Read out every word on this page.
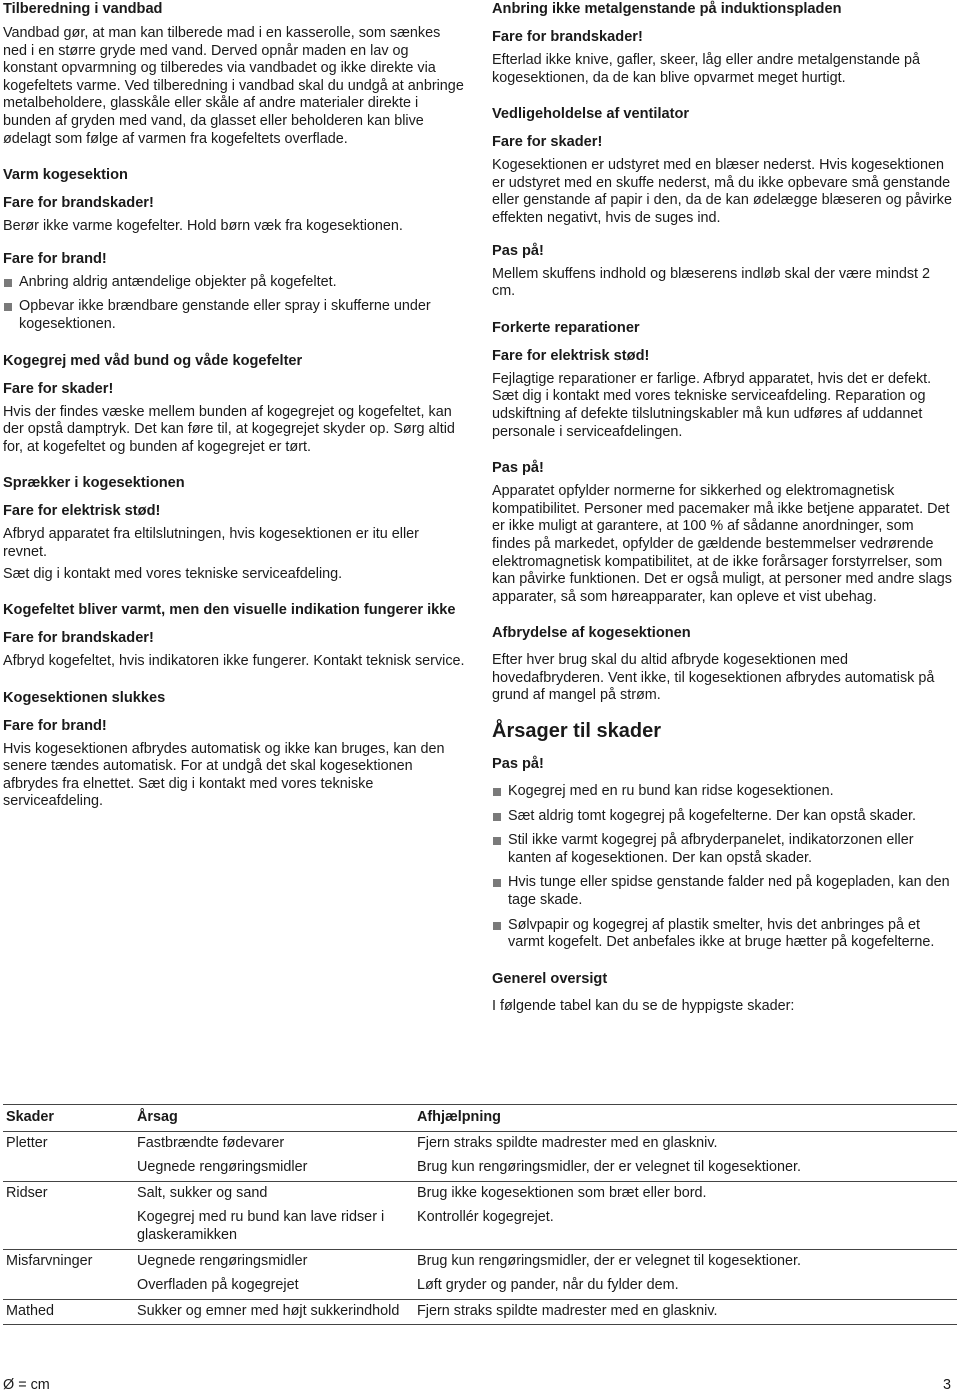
Tilberedning i vandbad

Vandbad gør, at man kan tilberede mad i en kasserolle, som sænkes ned i en større gryde med vand. Derved opnår maden en lav og konstant opvarmning og tilberedes via vandbadet og ikke direkte via kogefeltets varme. Ved tilberedning i vandbad skal du undgå at anbringe metalbeholdere, glasskåle eller skåle af andre materialer direkte i bunden af gryden med vand, da glasset eller beholderen kan blive ødelagt som følge af varmen fra kogefeltets overflade.

Varm kogesektion
Fare for brandskader!

Berør ikke varme kogefelter. Hold børn væk fra kogesektionen.

Fare for brand!
Anbring aldrig antændelige objekter på kogefeltet.
Opbevar ikke brændbare genstande eller spray i skufferne under kogesektionen.
Kogegrej med våd bund og våde kogefelter
Fare for skader!

Hvis der findes væske mellem bunden af kogegrejet og kogefeltet, kan der opstå damptryk. Det kan føre til, at kogegrejet skyder op. Sørg altid for, at kogefeltet og bunden af kogegrejet er tørt.

Sprækker i kogesektionen
Fare for elektrisk stød!

Afbryd apparatet fra eltilslutningen, hvis kogesektionen er itu eller revnet.

Sæt dig i kontakt med vores tekniske serviceafdeling.

Kogefeltet bliver varmt, men den visuelle indikation fungerer ikke
Fare for brandskader!

Afbryd kogefeltet, hvis indikatoren ikke fungerer. Kontakt teknisk service.

Kogesektionen slukkes
Fare for brand!

Hvis kogesektionen afbrydes automatisk og ikke kan bruges, kan den senere tændes automatisk. For at undgå det skal kogesektionen afbrydes fra elnettet. Sæt dig i kontakt med vores tekniske serviceafdeling.

Anbring ikke metalgenstande på induktionspladen
Fare for brandskader!

Efterlad ikke knive, gafler, skeer, låg eller andre metalgenstande på kogesektionen, da de kan blive opvarmet meget hurtigt.

Vedligeholdelse af ventilator
Fare for skader!

Kogesektionen er udstyret med en blæser nederst. Hvis kogesektionen er udstyret med en skuffe nederst, må du ikke opbevare små genstande eller genstande af papir i den, da de kan ødelægge blæseren og påvirke effekten negativt, hvis de suges ind.

Pas på!

Mellem skuffens indhold og blæserens indløb skal der være mindst 2 cm.

Forkerte reparationer
Fare for elektrisk stød!

Fejlagtige reparationer er farlige. Afbryd apparatet, hvis det er defekt. Sæt dig i kontakt med vores tekniske serviceafdeling. Reparation og udskiftning af defekte tilslutningskabler må kun udføres af uddannet personale i serviceafdelingen.

Pas på!

Apparatet opfylder normerne for sikkerhed og elektromagnetisk kompatibilitet. Personer med pacemaker må ikke betjene apparatet. Det er ikke muligt at garantere, at 100 % af sådanne anordninger, som findes på markedet, opfylder de gældende bestemmelser vedrørende elektromagnetisk kompatibilitet, at de ikke forårsager forstyrrelser, som kan påvirke funktionen. Det er også muligt, at personer med andre slags apparater, så som høreapparater, kan opleve et vist ubehag.

Afbrydelse af kogesektionen

Efter hver brug skal du altid afbryde kogesektionen med hovedafbryderen. Vent ikke, til kogesektionen afbrydes automatisk på grund af mangel på strøm.

Årsager til skader
Pas på!
Kogegrej med en ru bund kan ridse kogesektionen.
Sæt aldrig tomt kogegrej på kogefelterne. Der kan opstå skader.
Stil ikke varmt kogegrej på afbryderpanelet, indikatorzonen eller kanten af kogesektionen. Der kan opstå skader.
Hvis tunge eller spidse genstande falder ned på kogepladen, kan den tage skade.
Sølvpapir og kogegrej af plastik smelter, hvis det anbringes på et varmt kogefelt. Det anbefales ikke at bruge hætter på kogefelterne.
Generel oversigt

I følgende tabel kan du se de hyppigste skader:

Skader	Årsag	Afhjælpning
Pletter	Fastbrændte fødevarer	Fjern straks spildte madrester med en glaskniv.
	Uegnede rengøringsmidler	Brug kun rengøringsmidler, der er velegnet til kogesektioner.
Ridser	Salt, sukker og sand	Brug ikke kogesektionen som bræt eller bord.
	Kogegrej med ru bund kan lave ridser i glaskeramikken	Kontrollér kogegrejet.
Misfarvninger	Uegnede rengøringsmidler	Brug kun rengøringsmidler, der er velegnet til kogesektioner.
	Overfladen på kogegrejet	Løft gryder og pander, når du fylder dem.
Mathed	Sukker og emner med højt sukkerindhold	Fjern straks spildte madrester med en glaskniv.
Ø = cm	3
